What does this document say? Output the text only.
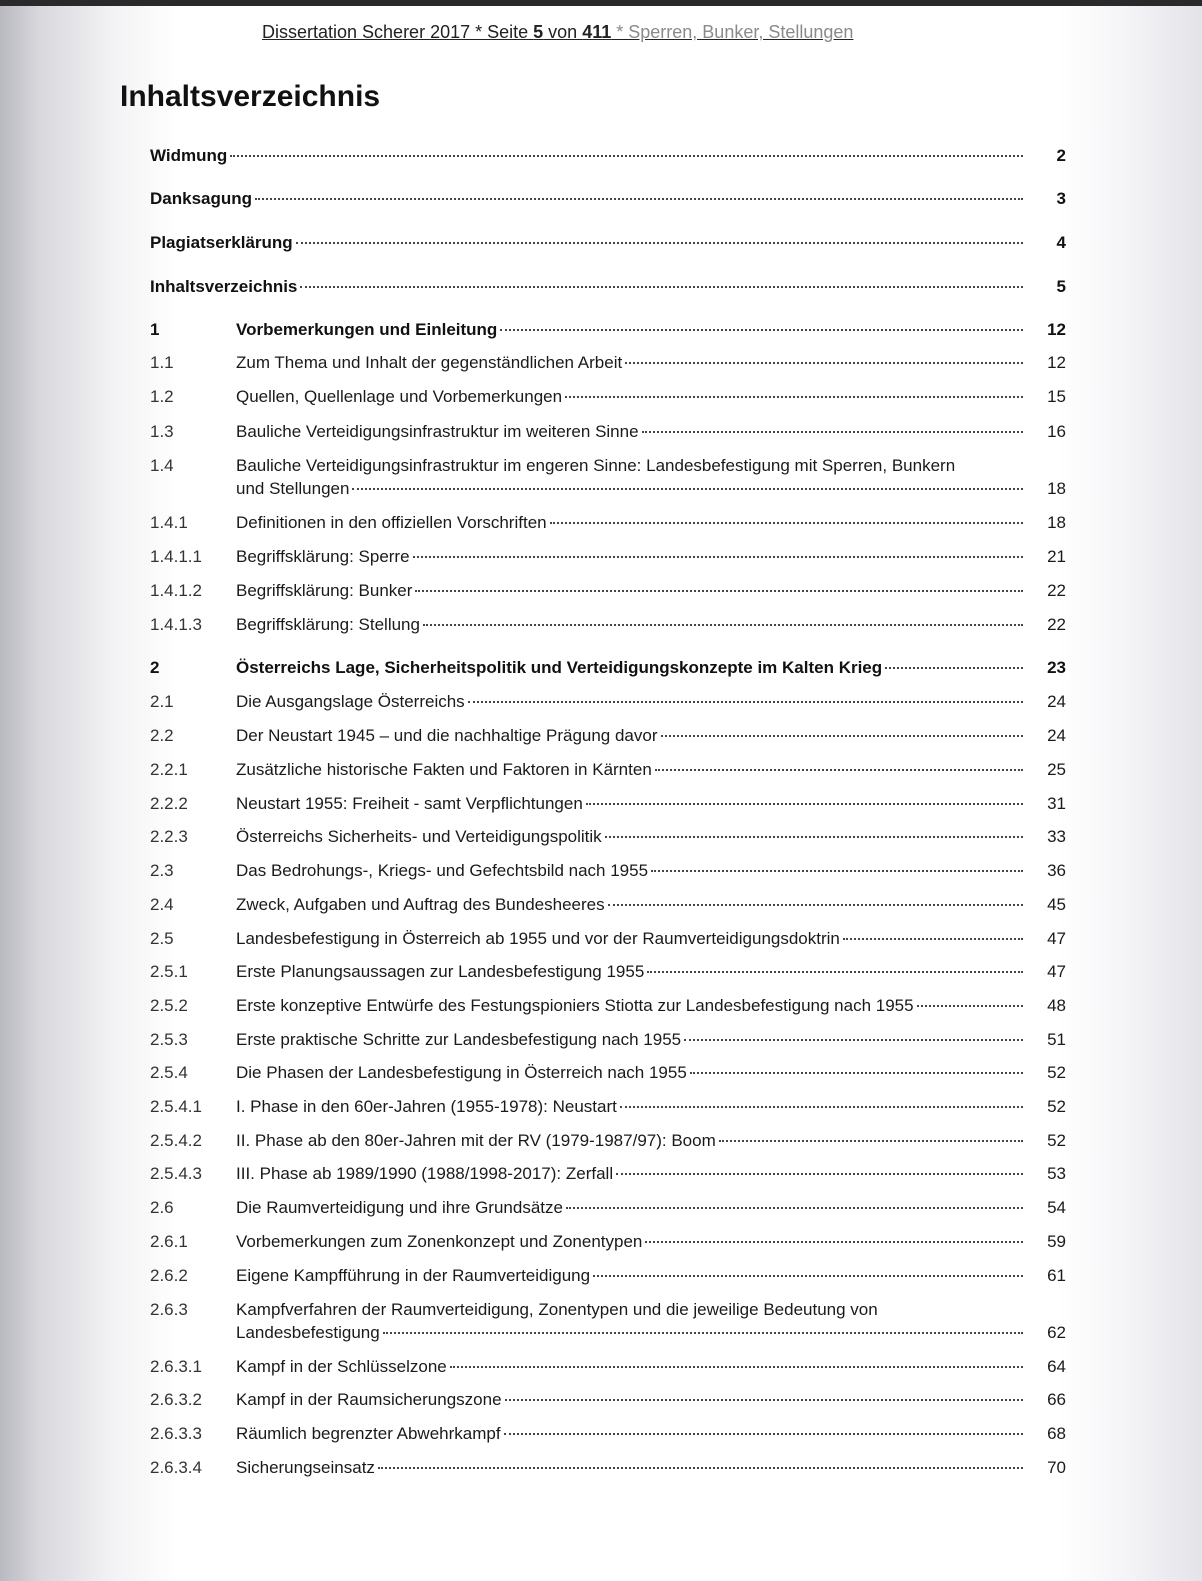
Dissertation Scherer 2017 * Seite 5 von 411 * Sperren, Bunker, Stellungen
Inhaltsverzeichnis
Widmung	2
Danksagung	3
Plagiatserklärung	4
Inhaltsverzeichnis	5
1	Vorbemerkungen und Einleitung	12
1.1	Zum Thema und Inhalt der gegenständlichen Arbeit	12
1.2	Quellen, Quellenlage und Vorbemerkungen	15
1.3	Bauliche Verteidigungsinfrastruktur im weiteren Sinne	16
1.4	Bauliche Verteidigungsinfrastruktur im engeren Sinne: Landesbefestigung mit Sperren, Bunkern
und Stellungen	18
1.4.1	Definitionen in den offiziellen Vorschriften	18
1.4.1.1	Begriffsklärung: Sperre	21
1.4.1.2	Begriffsklärung: Bunker	22
1.4.1.3	Begriffsklärung: Stellung	22
2	Österreichs Lage, Sicherheitspolitik und Verteidigungskonzepte im Kalten Krieg	23
2.1	Die Ausgangslage Österreichs	24
2.2	Der Neustart 1945 – und die nachhaltige Prägung davor	24
2.2.1	Zusätzliche historische Fakten und Faktoren in Kärnten	25
2.2.2	Neustart 1955: Freiheit - samt Verpflichtungen	31
2.2.3	Österreichs Sicherheits- und Verteidigungspolitik	33
2.3	Das Bedrohungs-, Kriegs- und Gefechtsbild nach 1955	36
2.4	Zweck, Aufgaben und Auftrag des Bundesheeres	45
2.5	Landesbefestigung in Österreich ab 1955 und vor der Raumverteidigungsdoktrin	47
2.5.1	Erste Planungsaussagen zur Landesbefestigung 1955	47
2.5.2	Erste konzeptive Entwürfe des Festungspioniers Stiotta zur Landesbefestigung nach 1955	48
2.5.3	Erste praktische Schritte zur Landesbefestigung nach 1955	51
2.5.4	Die Phasen der Landesbefestigung in Österreich nach 1955	52
2.5.4.1	I. Phase in den 60er-Jahren (1955-1978): Neustart	52
2.5.4.2	II. Phase ab den 80er-Jahren mit der RV (1979-1987/97): Boom	52
2.5.4.3	III. Phase ab 1989/1990 (1988/1998-2017): Zerfall	53
2.6	Die Raumverteidigung und ihre Grundsätze	54
2.6.1	Vorbemerkungen zum Zonenkonzept und Zonentypen	59
2.6.2	Eigene Kampfführung in der Raumverteidigung	61
2.6.3	Kampfverfahren der Raumverteidigung, Zonentypen und die jeweilige Bedeutung von
Landesbefestigung	62
2.6.3.1	Kampf in der Schlüsselzone	64
2.6.3.2	Kampf in der Raumsicherungszone	66
2.6.3.3	Räumlich begrenzter Abwehrkampf	68
2.6.3.4	Sicherungseinsatz	70
